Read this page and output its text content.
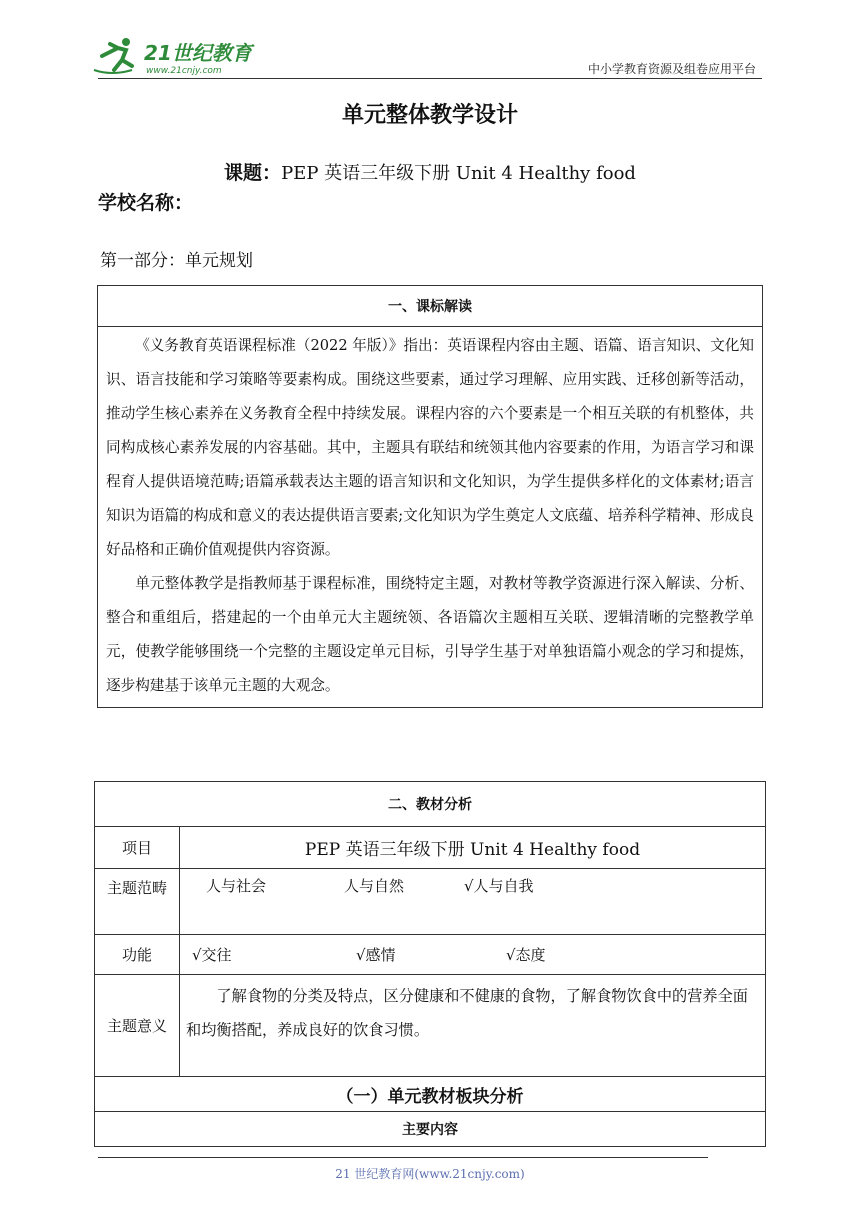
21世纪教育
www.21cnjy.com	中小学教育资源及组卷应用平台
单元整体教学设计
课题：PEP 英语三年级下册 Unit 4 Healthy food
学校名称：
第一部分：单元规划
一、课标解读

《义务教育英语课程标准（2022 年版）》指出：英语课程内容由主题、语篇、语言知识、文化知识、语言技能和学习策略等要素构成。围绕这些要素，通过学习理解、应用实践、迁移创新等活动，推动学生核心素养在义务教育全程中持续发展。课程内容的六个要素是一个相互关联的有机整体，共同构成核心素养发展的内容基础。其中，主题具有联结和统领其他内容要素的作用，为语言学习和课程育人提供语境范畴;语篇承载表达主题的语言知识和文化知识，为学生提供多样化的文体素材;语言知识为语篇的构成和意义的表达提供语言要素;文化知识为学生奠定人文底蕴、培养科学精神、形成良好品格和正确价值观提供内容资源。

单元整体教学是指教师基于课程标准，围绕特定主题，对教材等教学资源进行深入解读、分析、整合和重组后，搭建起的一个由单元大主题统领、各语篇次主题相互关联、逻辑清晰的完整教学单元，使教学能够围绕一个完整的主题设定单元目标，引导学生基于对单独语篇小观念的学习和提炼，逐步构建基于该单元主题的大观念。

二、教材分析	
项目	PEP 英语三年级下册 Unit 4 Healthy food
主题范畴	人与社会 人与自然 √人与自我
功能	√交往 √感情 √态度
主题意义	了解食物的分类及特点，区分健康和不健康的食物，了解食物饮食中的营养全面和均衡搭配，养成良好的饮食习惯。
（一）单元教材板块分析	
主要内容	
21 世纪教育网(www.21cnjy.com)
